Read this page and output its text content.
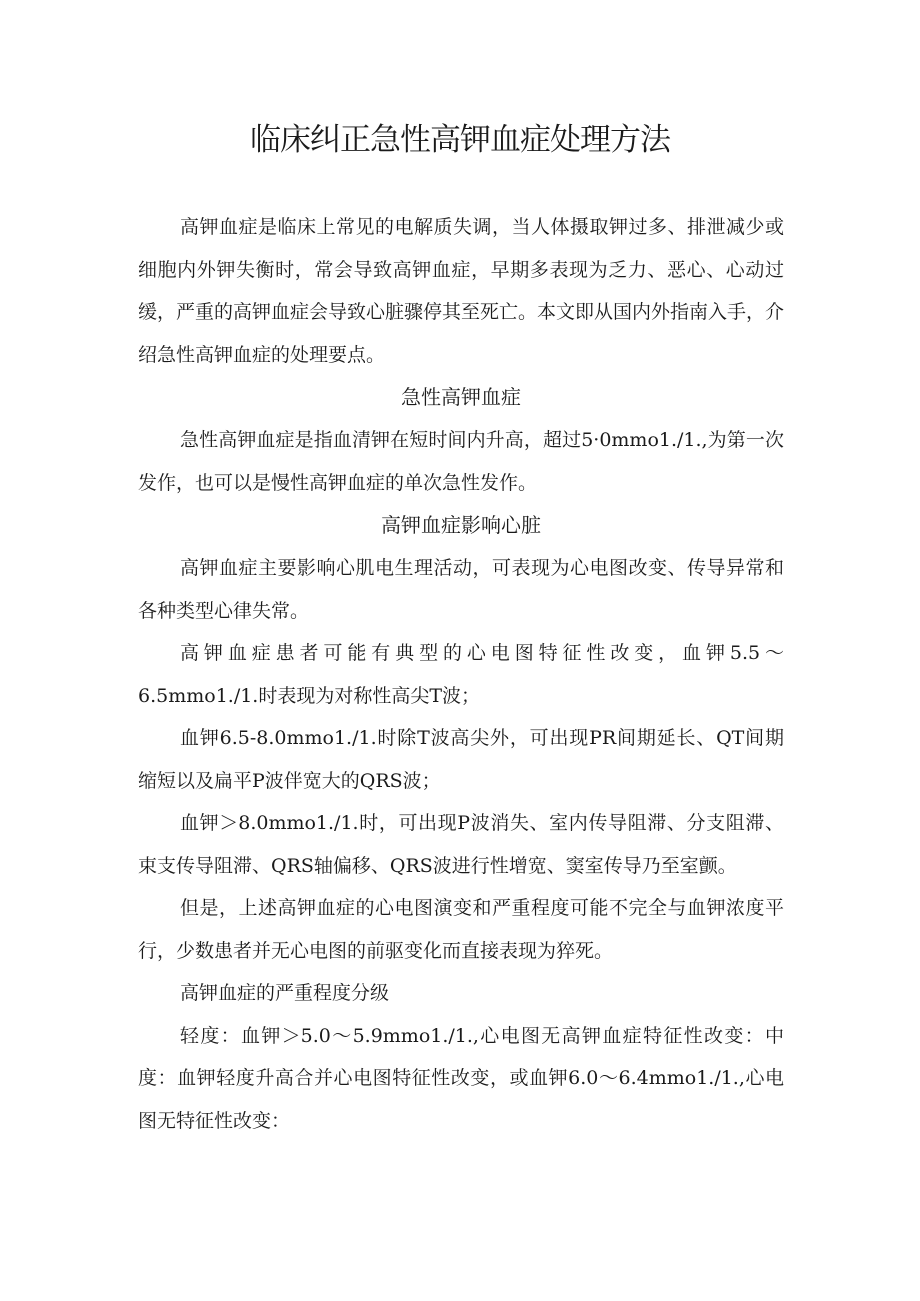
临床纠正急性高钾血症处理方法

高钾血症是临床上常见的电解质失调，当人体摄取钾过多、排泄减少或细胞内外钾失衡时，常会导致高钾血症，早期多表现为乏力、恶心、心动过缓，严重的高钾血症会导致心脏骤停其至死亡。本文即从国内外指南入手，介绍急性高钾血症的处理要点。

急性高钾血症

急性高钾血症是指血清钾在短时间内升高，超过5·0mmo1./1.,为第一次发作，也可以是慢性高钾血症的单次急性发作。

高钾血症影响心脏

高钾血症主要影响心肌电生理活动，可表现为心电图改变、传导异常和各种类型心律失常。

高钾血症患者可能有典型的心电图特征性改变，血钾5.5～6.5mmo1./1.时表现为对称性高尖T波；

血钾6.5-8.0mmo1./1.时除T波高尖外，可出现PR间期延长、QT间期缩短以及扁平P波伴宽大的QRS波；

血钾＞8.0mmo1./1.时，可出现P波消失、室内传导阻滞、分支阻滞、束支传导阻滞、QRS轴偏移、QRS波进行性增宽、窦室传导乃至室颤。

但是，上述高钾血症的心电图演变和严重程度可能不完全与血钾浓度平行，少数患者并无心电图的前驱变化而直接表现为猝死。

高钾血症的严重程度分级

轻度：血钾＞5.0～5.9mmo1./1.,心电图无高钾血症特征性改变：中度：血钾轻度升高合并心电图特征性改变，或血钾6.0～6.4mmo1./1.,心电图无特征性改变：
